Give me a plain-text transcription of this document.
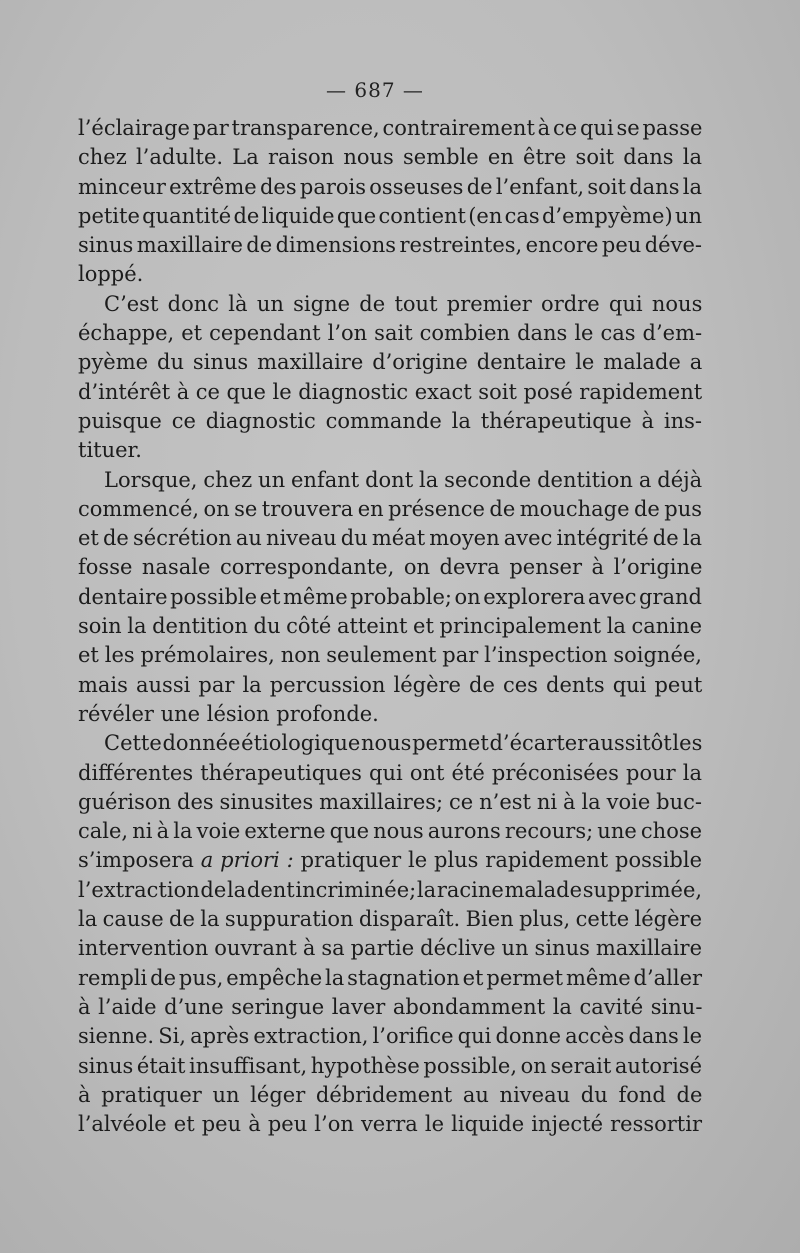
— 687 —

l’éclairage par transparence, contrairement à ce qui se passe
chez l’adulte. La raison nous semble en être soit dans la
minceur extrême des parois osseuses de l’enfant, soit dans la
petite quantité de liquide que contient (en cas d’empyème) un
sinus maxillaire de dimensions restreintes, encore peu déve-
loppé.

C’est donc là un signe de tout premier ordre qui nous
échappe, et cependant l’on sait combien dans le cas d’em-
pyème du sinus maxillaire d’origine dentaire le malade a
d’intérêt à ce que le diagnostic exact soit posé rapidement
puisque ce diagnostic commande la thérapeutique à ins-
tituer.

Lorsque, chez un enfant dont la seconde dentition a déjà
commencé, on se trouvera en présence de mouchage de pus
et de sécrétion au niveau du méat moyen avec intégrité de la
fosse nasale correspondante, on devra penser à l’origine
dentaire possible et même probable; on explorera avec grand
soin la dentition du côté atteint et principalement la canine
et les prémolaires, non seulement par l’inspection soignée,
mais aussi par la percussion légère de ces dents qui peut
révéler une lésion profonde.

Cette donnée étiologique nous permet d’écarter aussitôt les
différentes thérapeutiques qui ont été préconisées pour la
guérison des sinusites maxillaires; ce n’est ni à la voie buc-
cale, ni à la voie externe que nous aurons recours; une chose
s’imposera a priori : pratiquer le plus rapidement possible
l’extraction de la dent incriminée; la racine malade supprimée,
la cause de la suppuration disparaît. Bien plus, cette légère
intervention ouvrant à sa partie déclive un sinus maxillaire
rempli de pus, empêche la stagnation et permet même d’aller
à l’aide d’une seringue laver abondamment la cavité sinu-
sienne. Si, après extraction, l’orifice qui donne accès dans le
sinus était insuffisant, hypothèse possible, on serait autorisé
à pratiquer un léger débridement au niveau du fond de
l’alvéole et peu à peu l’on verra le liquide injecté ressortir
